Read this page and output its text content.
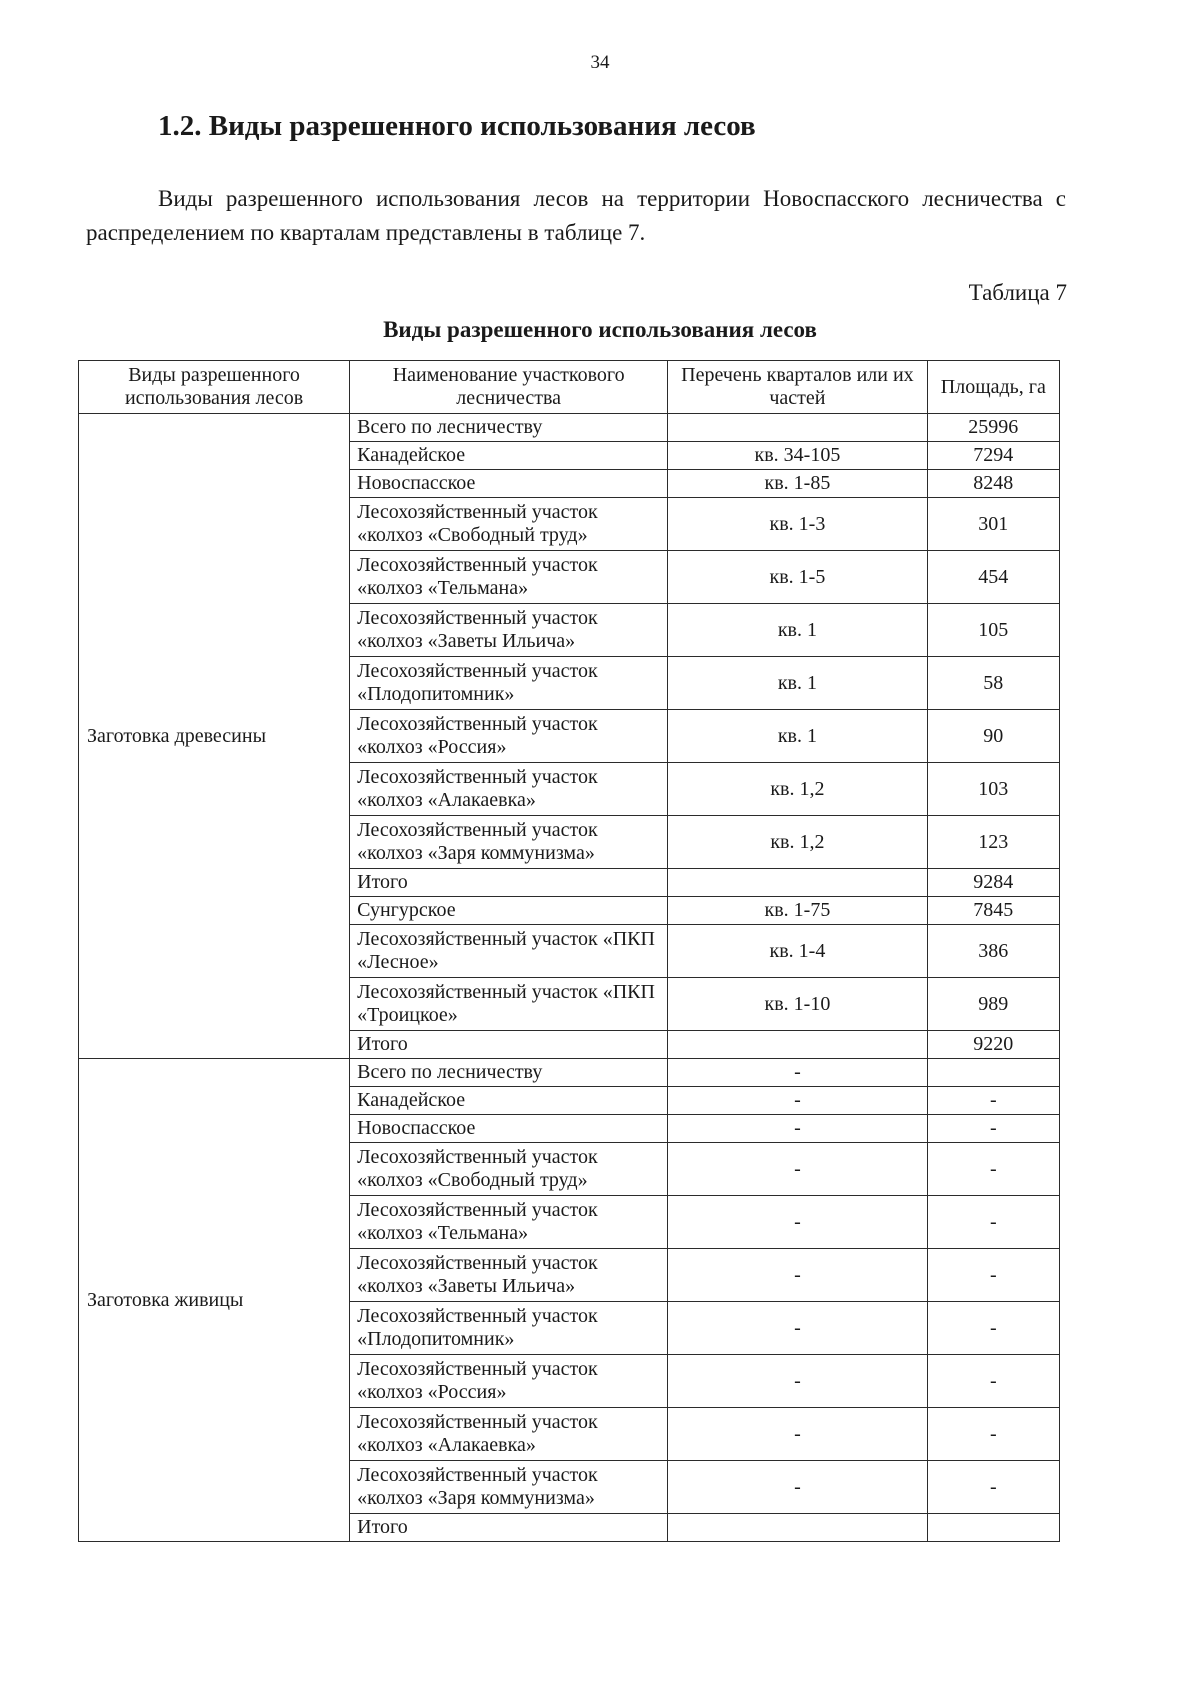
34
1.2. Виды разрешенного использования лесов

Виды разрешенного использования лесов на территории Новоспасского лесничества с распределением по кварталам представлены в таблице 7.

Таблица 7
Виды разрешенного использования лесов
Виды разрешенного использования лесов	Наименование участкового лесничества	Перечень кварталов или их частей	Площадь, га
Заготовка древесины	Всего по лесничеству		25996
	Канадейское	кв. 34-105	7294
	Новоспасское	кв. 1-85	8248
	Лесохозяйственный участок «колхоз «Свободный труд»	кв. 1-3	301
	Лесохозяйственный участок «колхоз «Тельмана»	кв. 1-5	454
	Лесохозяйственный участок «колхоз «Заветы Ильича»	кв. 1	105
	Лесохозяйственный участок «Плодопитомник»	кв. 1	58
	Лесохозяйственный участок «колхоз «Россия»	кв. 1	90
	Лесохозяйственный участок «колхоз «Алакаевка»	кв. 1,2	103
	Лесохозяйственный участок «колхоз «Заря коммунизма»	кв. 1,2	123
	Итого		9284
	Сунгурское	кв. 1-75	7845
	Лесохозяйственный участок «ПКП «Лесное»	кв. 1-4	386
	Лесохозяйственный участок «ПКП «Троицкое»	кв. 1-10	989
	Итого		9220
Заготовка живицы	Всего по лесничеству	-	
	Канадейское	-	-
	Новоспасское	-	-
	Лесохозяйственный участок «колхоз «Свободный труд»	-	-
	Лесохозяйственный участок «колхоз «Тельмана»	-	-
	Лесохозяйственный участок «колхоз «Заветы Ильича»	-	-
	Лесохозяйственный участок «Плодопитомник»	-	-
	Лесохозяйственный участок «колхоз «Россия»	-	-
	Лесохозяйственный участок «колхоз «Алакаевка»	-	-
	Лесохозяйственный участок «колхоз «Заря коммунизма»	-	-
	Итого		
